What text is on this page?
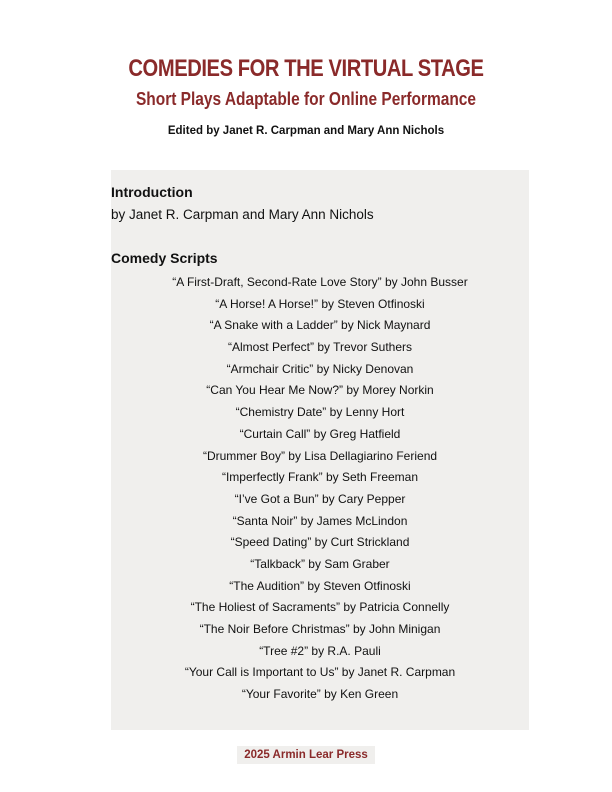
COMEDIES FOR THE VIRTUAL STAGE
Short Plays Adaptable for Online Performance
Edited by Janet R. Carpman and Mary Ann Nichols
Introduction
by Janet R. Carpman and Mary Ann Nichols
Comedy Scripts
“A First-Draft, Second-Rate Love Story” by John Busser
“A Horse! A Horse!” by Steven Otfinoski
“A Snake with a Ladder” by Nick Maynard
“Almost Perfect” by Trevor Suthers
“Armchair Critic” by Nicky Denovan
“Can You Hear Me Now?” by Morey Norkin
“Chemistry Date” by Lenny Hort
“Curtain Call” by Greg Hatfield
“Drummer Boy” by Lisa Dellagiarino Feriend
“Imperfectly Frank” by Seth Freeman
“I’ve Got a Bun” by Cary Pepper
“Santa Noir” by James McLindon
“Speed Dating” by Curt Strickland
“Talkback” by Sam Graber
“The Audition” by Steven Otfinoski
“The Holiest of Sacraments” by Patricia Connelly
“The Noir Before Christmas” by John Minigan
“Tree #2” by R.A. Pauli
“Your Call is Important to Us” by Janet R. Carpman
“Your Favorite” by Ken Green
2025 Armin Lear Press
